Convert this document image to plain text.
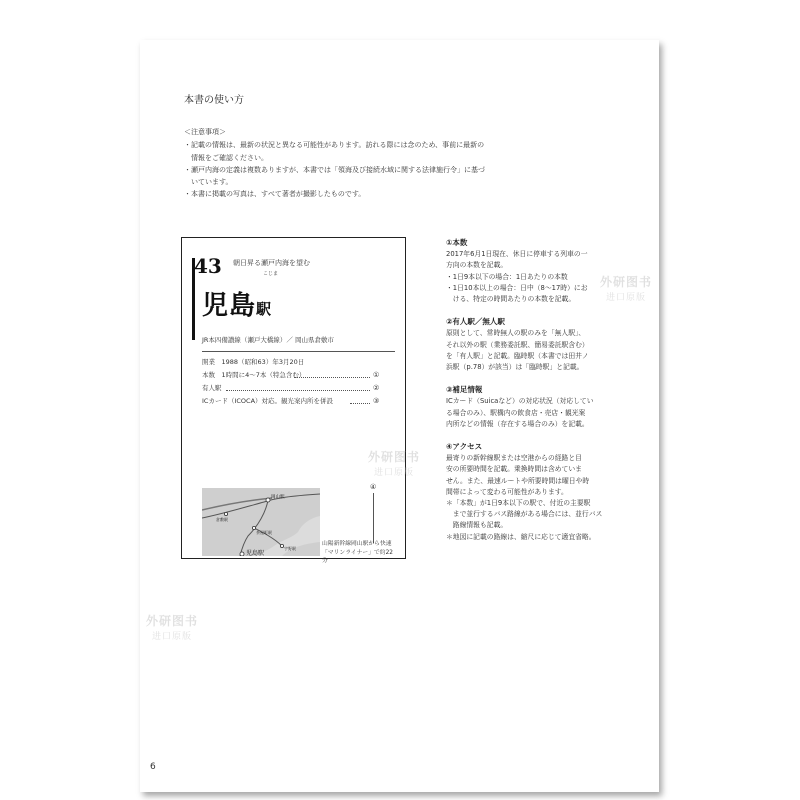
本書の使い方
＜注意事項＞
・記載の情報は、最新の状況と異なる可能性があります。訪れる際には念のため、事前に最新の
　情報をご確認ください。
・瀬戸内海の定義は複数ありますが、本書では「領海及び接続水域に関する法律施行令」に基づ
　いています。
・本書に掲載の写真は、すべて著者が撮影したものです。
43 朝日昇る瀬戸内海を望む
こじま
児島駅
JR本四備讃線（瀬戸大橋線）／ 岡山県倉敷市
開業　1988（昭和63）年3月20日
本数　1時間に4〜7本（特急含む）	①
有人駅	②
ICカード（ICOCA）対応。観光案内所を併設	③
④
岡山駅
倉敷駅
茶屋町駅
宇野駅
児島駅
山陽新幹線岡山駅から快速
「マリンライナー」で約22
分
①本数
2017年6月1日現在、休日に停車する列車の一
方向の本数を記載。
・1日9本以下の場合：1日あたりの本数
・1日10本以上の場合：日中（8〜17時）にお
　ける、特定の時間あたりの本数を記載。
②有人駅／無人駅
原則として、常時無人の駅のみを「無人駅」、
それ以外の駅（業務委託駅、簡易委託駅含む）
を「有人駅」と記載。臨時駅（本書では田井ノ
浜駅（p.78）が該当）は「臨時駅」と記載。
③補足情報
ICカード（Suicaなど）の対応状況（対応してい
る場合のみ）、駅構内の飲食店・売店・観光案
内所などの情報（存在する場合のみ）を記載。
④アクセス
最寄りの新幹線駅または空港からの経路と目
安の所要時間を記載。乗換時間は含めていま
せん。また、最速ルートや所要時間は曜日や時
間帯によって変わる可能性があります。
＊「本数」が1日9本以下の駅で、付近の主要駅
　まで並行するバス路線がある場合には、並行バス
　路線情報も記載。
＊地図に記載の路線は、縮尺に応じて適宜省略。
6
外研图书
进口原版
外研图书
进口原版
外研图书
进口原版
